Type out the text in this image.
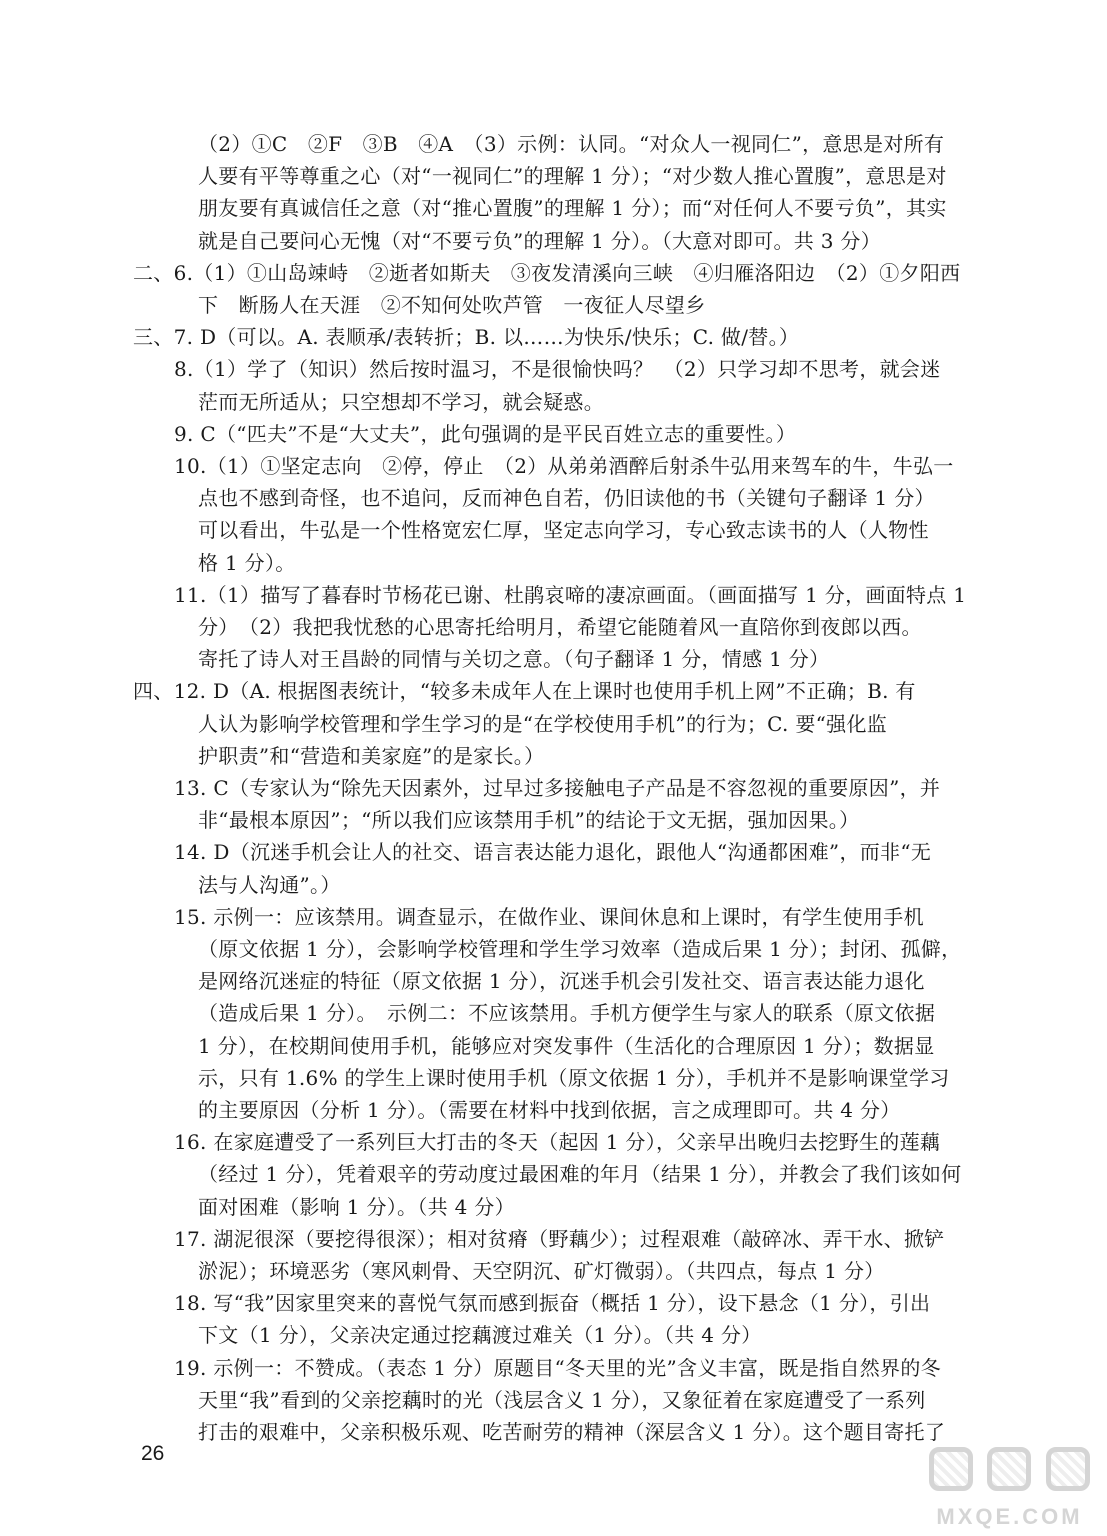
（2）①C　②F　③B　④A　（3）示例：认同。“对众人一视同仁”，意思是对所有
人要有平等尊重之心（对“一视同仁”的理解 1 分）；“对少数人推心置腹”，意思是对
朋友要有真诚信任之意（对“推心置腹”的理解 1 分）；而“对任何人不要亏负”，其实
就是自己要问心无愧（对“不要亏负”的理解 1 分）。（大意对即可。共 3 分）
二、6.（1）①山岛竦峙　②逝者如斯夫　③夜发清溪向三峡　④归雁洛阳边　（2）①夕阳西
下　断肠人在天涯　②不知何处吹芦管　一夜征人尽望乡
三、7. D（可以。A. 表顺承/表转折；B. 以……为快乐/快乐；C. 做/替。）
8.（1）学了（知识）然后按时温习，不是很愉快吗？　（2）只学习却不思考，就会迷
茫而无所适从；只空想却不学习，就会疑惑。
9. C（“匹夫”不是“大丈夫”，此句强调的是平民百姓立志的重要性。）
10.（1）①坚定志向　②停，停止　（2）从弟弟酒醉后射杀牛弘用来驾车的牛，牛弘一
点也不感到奇怪，也不追问，反而神色自若，仍旧读他的书（关键句子翻译 1 分）
可以看出，牛弘是一个性格宽宏仁厚，坚定志向学习，专心致志读书的人（人物性
格 1 分）。
11.（1）描写了暮春时节杨花已谢、杜鹃哀啼的凄凉画面。（画面描写 1 分，画面特点 1
分）　（2）我把我忧愁的心思寄托给明月，希望它能随着风一直陪你到夜郎以西。
寄托了诗人对王昌龄的同情与关切之意。（句子翻译 1 分，情感 1 分）
四、12. D（A. 根据图表统计，“较多未成年人在上课时也使用手机上网”不正确；B. 有
人认为影响学校管理和学生学习的是“在学校使用手机”的行为；C. 要“强化监
护职责”和“营造和美家庭”的是家长。）
13. C（专家认为“除先天因素外，过早过多接触电子产品是不容忽视的重要原因”，并
非“最根本原因”；“所以我们应该禁用手机”的结论于文无据，强加因果。）
14. D（沉迷手机会让人的社交、语言表达能力退化，跟他人“沟通都困难”，而非“无
法与人沟通”。）
15. 示例一：应该禁用。调查显示，在做作业、课间休息和上课时，有学生使用手机
（原文依据 1 分），会影响学校管理和学生学习效率（造成后果 1 分）；封闭、孤僻，
是网络沉迷症的特征（原文依据 1 分），沉迷手机会引发社交、语言表达能力退化
（造成后果 1 分）。　示例二：不应该禁用。手机方便学生与家人的联系（原文依据
1 分），在校期间使用手机，能够应对突发事件（生活化的合理原因 1 分）；数据显
示，只有 1.6% 的学生上课时使用手机（原文依据 1 分），手机并不是影响课堂学习
的主要原因（分析 1 分）。（需要在材料中找到依据，言之成理即可。共 4 分）
16. 在家庭遭受了一系列巨大打击的冬天（起因 1 分），父亲早出晚归去挖野生的莲藕
（经过 1 分），凭着艰辛的劳动度过最困难的年月（结果 1 分），并教会了我们该如何
面对困难（影响 1 分）。（共 4 分）
17. 湖泥很深（要挖得很深）；相对贫瘠（野藕少）；过程艰难（敲碎冰、弄干水、掀铲
淤泥）；环境恶劣（寒风刺骨、天空阴沉、矿灯微弱）。（共四点，每点 1 分）
18. 写“我”因家里突来的喜悦气氛而感到振奋（概括 1 分），设下悬念（1 分），引出
下文（1 分），父亲决定通过挖藕渡过难关（1 分）。（共 4 分）
19. 示例一：不赞成。（表态 1 分）原题目“冬天里的光”含义丰富，既是指自然界的冬
天里“我”看到的父亲挖藕时的光（浅层含义 1 分），又象征着在家庭遭受了一系列
打击的艰难中，父亲积极乐观、吃苦耐劳的精神（深层含义 1 分）。这个题目寄托了
26
MXQE.COM
